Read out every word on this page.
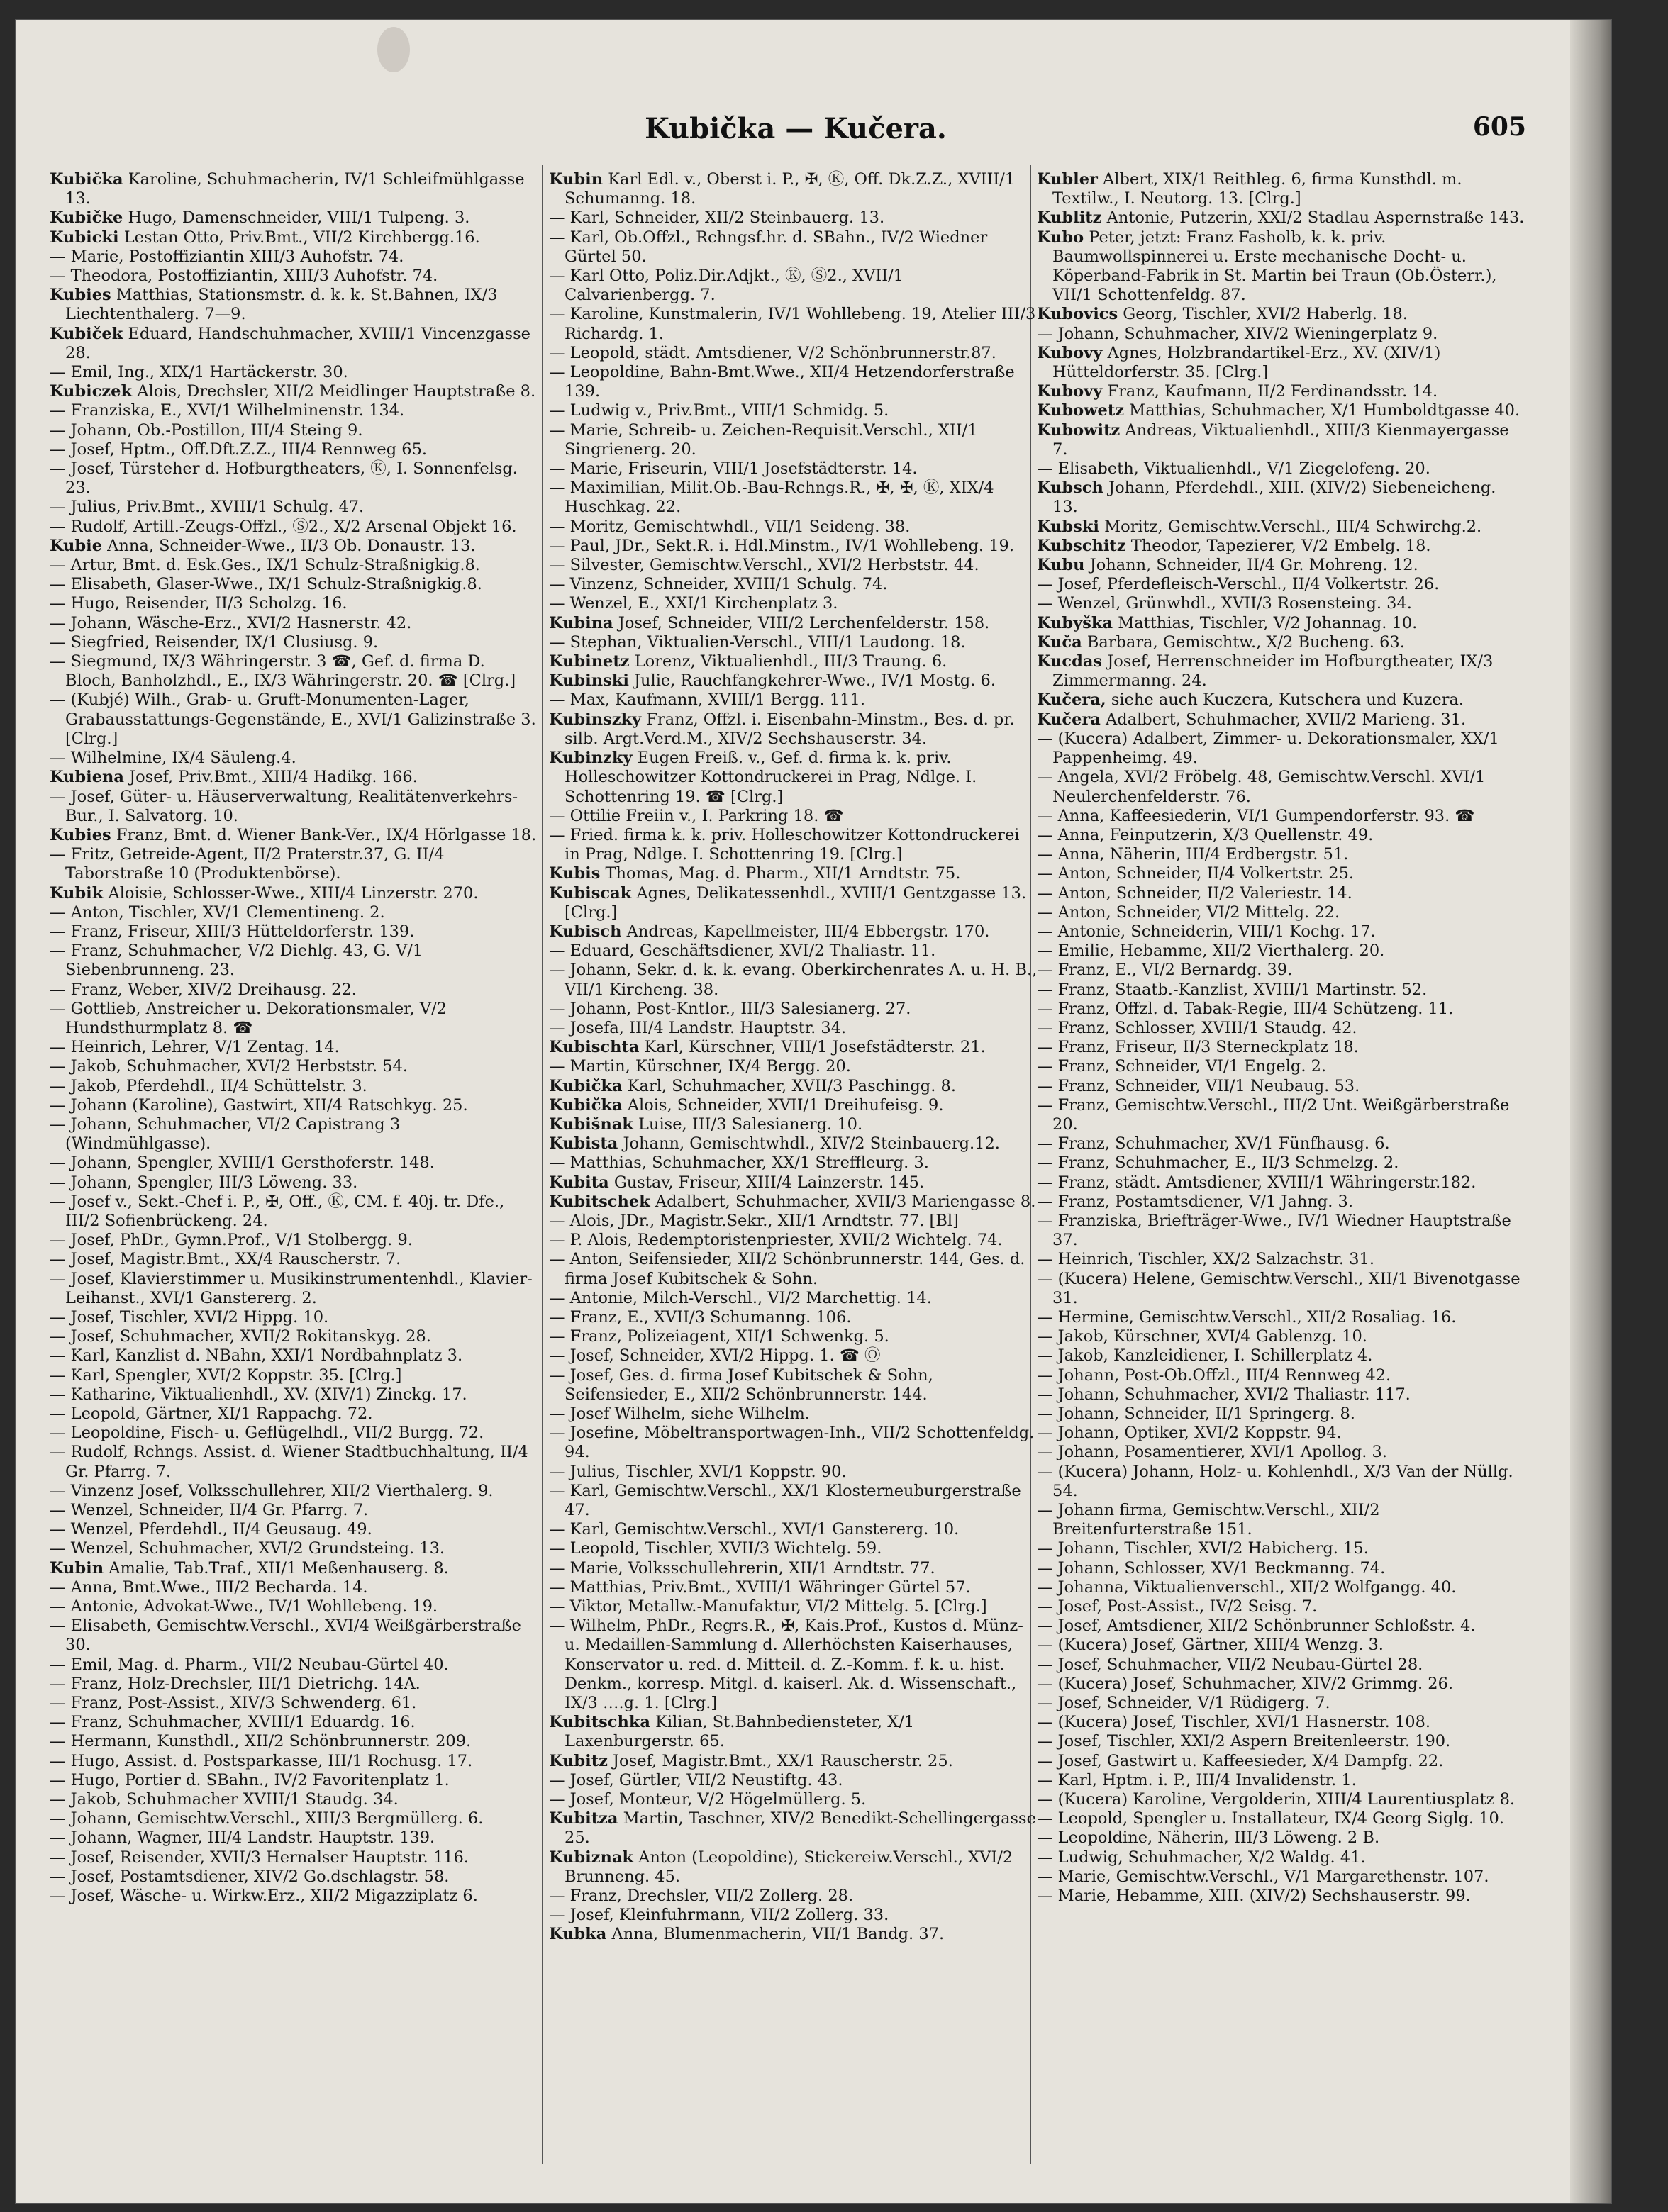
Kubička — Kučera.	605

Kubička Karoline, Schuhmacherin, IV/1 Schleifmühlgasse 13.

Kubičke Hugo, Damenschneider, VIII/1 Tulpeng. 3.

Kubicki Lestan Otto, Priv.Bmt., VII/2 Kirchbergg.16.

— Marie, Postoffiziantin XIII/3 Auhofstr. 74.

— Theodora, Postoffiziantin, XIII/3 Auhofstr. 74.

Kubies Matthias, Stationsmstr. d. k. k. St.Bahnen, IX/3 Liechtenthalerg. 7—9.

Kubiček Eduard, Handschuhmacher, XVIII/1 Vincenzgasse 28.

— Emil, Ing., XIX/1 Hartäckerstr. 30.

Kubiczek Alois, Drechsler, XII/2 Meidlinger Hauptstraße 8.

— Franziska, E., XVI/1 Wilhelminenstr. 134.

— Johann, Ob.-Postillon, III/4 Steing 9.

— Josef, Hptm., Off.Dft.Z.Z., III/4 Rennweg 65.

— Josef, Türsteher d. Hofburgtheaters, Ⓚ, I. Sonnenfelsg. 23.

— Julius, Priv.Bmt., XVIII/1 Schulg. 47.

— Rudolf, Artill.-Zeugs-Offzl., Ⓢ2., X/2 Arsenal Objekt 16.

Kubie Anna, Schneider-Wwe., II/3 Ob. Donaustr. 13.

— Artur, Bmt. d. Esk.Ges., IX/1 Schulz-Straßnigkig.8.

— Elisabeth, Glaser-Wwe., IX/1 Schulz-Straßnigkig.8.

— Hugo, Reisender, II/3 Scholzg. 16.

— Johann, Wäsche-Erz., XVI/2 Hasnerstr. 42.

— Siegfried, Reisender, IX/1 Clusiusg. 9.

— Siegmund, IX/3 Währingerstr. 3 ☎, Gef. d. ﬁrma D. Bloch, Banholzhdl., E., IX/3 Währingerstr. 20. ☎ [Clrg.]

— (Kubjé) Wilh., Grab- u. Gruft-Monumenten-Lager, Grabausstattungs-Gegenstände, E., XVI/1 Galizinstraße 3. [Clrg.]

— Wilhelmine, IX/4 Säuleng.4.

Kubiena Josef, Priv.Bmt., XIII/4 Hadikg. 166.

— Josef, Güter- u. Häuserverwaltung, Realitätenverkehrs-Bur., I. Salvatorg. 10.

Kubies Franz, Bmt. d. Wiener Bank-Ver., IX/4 Hörlgasse 18.

— Fritz, Getreide-Agent, II/2 Praterstr.37, G. II/4 Taborstraße 10 (Produktenbörse).

Kubik Aloisie, Schlosser-Wwe., XIII/4 Linzerstr. 270.

— Anton, Tischler, XV/1 Clementineng. 2.

— Franz, Friseur, XIII/3 Hütteldorferstr. 139.

— Franz, Schuhmacher, V/2 Diehlg. 43, G. V/1 Siebenbrunneng. 23.

— Franz, Weber, XIV/2 Dreihausg. 22.

— Gottlieb, Anstreicher u. Dekorationsmaler, V/2 Hundsthurmplatz 8. ☎

— Heinrich, Lehrer, V/1 Zentag. 14.

— Jakob, Schuhmacher, XVI/2 Herbststr. 54.

— Jakob, Pferdehdl., II/4 Schüttelstr. 3.

— Johann (Karoline), Gastwirt, XII/4 Ratschkyg. 25.

— Johann, Schuhmacher, VI/2 Capistrang 3 (Windmühlgasse).

— Johann, Spengler, XVIII/1 Gersthoferstr. 148.

— Johann, Spengler, III/3 Löweng. 33.

— Josef v., Sekt.-Chef i. P., ✠, Off., Ⓚ, CM. f. 40j. tr. Dfe., III/2 Sofienbrückeng. 24.

— Josef, PhDr., Gymn.Prof., V/1 Stolbergg. 9.

— Josef, Magistr.Bmt., XX/4 Rauscherstr. 7.

— Josef, Klavierstimmer u. Musikinstrumentenhdl., Klavier-Leihanst., XVI/1 Ganstererg. 2.

— Josef, Tischler, XVI/2 Hippg. 10.

— Josef, Schuhmacher, XVII/2 Rokitanskyg. 28.

— Karl, Kanzlist d. NBahn, XXI/1 Nordbahnplatz 3.

— Karl, Spengler, XVI/2 Koppstr. 35. [Clrg.]

— Katharine, Viktualienhdl., XV. (XIV/1) Zinckg. 17.

— Leopold, Gärtner, XI/1 Rappachg. 72.

— Leopoldine, Fisch- u. Geflügelhdl., VII/2 Burgg. 72.

— Rudolf, Rchngs. Assist. d. Wiener Stadtbuchhaltung, II/4 Gr. Pfarrg. 7.

— Vinzenz Josef, Volksschullehrer, XII/2 Vierthalerg. 9.

— Wenzel, Schneider, II/4 Gr. Pfarrg. 7.

— Wenzel, Pferdehdl., II/4 Geusaug. 49.

— Wenzel, Schuhmacher, XVI/2 Grundsteing. 13.

Kubin Amalie, Tab.Traf., XII/1 Meßenhauserg. 8.

— Anna, Bmt.Wwe., III/2 Becharda. 14.

— Antonie, Advokat-Wwe., IV/1 Wohllebeng. 19.

— Elisabeth, Gemischtw.Verschl., XVI/4 Weißgärberstraße 30.

— Emil, Mag. d. Pharm., VII/2 Neubau-Gürtel 40.

— Franz, Holz-Drechsler, III/1 Dietrichg. 14A.

— Franz, Post-Assist., XIV/3 Schwenderg. 61.

— Franz, Schuhmacher, XVIII/1 Eduardg. 16.

— Hermann, Kunsthdl., XII/2 Schönbrunnerstr. 209.

— Hugo, Assist. d. Postsparkasse, III/1 Rochusg. 17.

— Hugo, Portier d. SBahn., IV/2 Favoritenplatz 1.

— Jakob, Schuhmacher XVIII/1 Staudg. 34.

— Johann, Gemischtw.Verschl., XIII/3 Bergmüllerg. 6.

— Johann, Wagner, III/4 Landstr. Hauptstr. 139.

— Josef, Reisender, XVII/3 Hernalser Hauptstr. 116.

— Josef, Postamtsdiener, XIV/2 Go.dschlagstr. 58.

— Josef, Wäsche- u. Wirkw.Erz., XII/2 Migazziplatz 6.

Kubin Karl Edl. v., Oberst i. P., ✠, Ⓚ, Off. Dk.Z.Z., XVIII/1 Schumanng. 18.

— Karl, Schneider, XII/2 Steinbauerg. 13.

— Karl, Ob.Offzl., Rchngsf.hr. d. SBahn., IV/2 Wiedner Gürtel 50.

— Karl Otto, Poliz.Dir.Adjkt., Ⓚ, Ⓢ2., XVII/1 Calvarienbergg. 7.

— Karoline, Kunstmalerin, IV/1 Wohllebeng. 19, Atelier III/3 Richardg. 1.

— Leopold, städt. Amtsdiener, V/2 Schönbrunnerstr.87.

— Leopoldine, Bahn-Bmt.Wwe., XII/4 Hetzendorferstraße 139.

— Ludwig v., Priv.Bmt., VIII/1 Schmidg. 5.

— Marie, Schreib- u. Zeichen-Requisit.Verschl., XII/1 Singrienerg. 20.

— Marie, Friseurin, VIII/1 Josefstädterstr. 14.

— Maximilian, Milit.Ob.-Bau-Rchngs.R., ✠, ✠, Ⓚ, XIX/4 Huschkag. 22.

— Moritz, Gemischtwhdl., VII/1 Seideng. 38.

— Paul, JDr., Sekt.R. i. Hdl.Minstm., IV/1 Wohllebeng. 19.

— Silvester, Gemischtw.Verschl., XVI/2 Herbststr. 44.

— Vinzenz, Schneider, XVIII/1 Schulg. 74.

— Wenzel, E., XXI/1 Kirchenplatz 3.

Kubina Josef, Schneider, VIII/2 Lerchenfelderstr. 158.

— Stephan, Viktualien-Verschl., VIII/1 Laudong. 18.

Kubinetz Lorenz, Viktualienhdl., III/3 Traung. 6.

Kubinski Julie, Rauchfangkehrer-Wwe., IV/1 Mostg. 6.

— Max, Kaufmann, XVIII/1 Bergg. 111.

Kubinszky Franz, Offzl. i. Eisenbahn-Minstm., Bes. d. pr. silb. Argt.Verd.M., XIV/2 Sechshauserstr. 34.

Kubinzky Eugen Freiß. v., Gef. d. ﬁrma k. k. priv. Holleschowitzer Kottondruckerei in Prag, Ndlge. I. Schottenring 19. ☎ [Clrg.]

— Ottilie Freiin v., I. Parkring 18. ☎

— Fried. ﬁrma k. k. priv. Holleschowitzer Kottondruckerei in Prag, Ndlge. I. Schottenring 19. [Clrg.]

Kubis Thomas, Mag. d. Pharm., XII/1 Arndtstr. 75.

Kubiscak Agnes, Delikatessenhdl., XVIII/1 Gentzgasse 13. [Clrg.]

Kubisch Andreas, Kapellmeister, III/4 Ebbergstr. 170.

— Eduard, Geschäftsdiener, XVI/2 Thaliastr. 11.

— Johann, Sekr. d. k. k. evang. Oberkirchenrates A. u. H. B., VII/1 Kircheng. 38.

— Johann, Post-Kntlor., III/3 Salesianerg. 27.

— Josefa, III/4 Landstr. Hauptstr. 34.

Kubischta Karl, Kürschner, VIII/1 Josefstädterstr. 21.

— Martin, Kürschner, IX/4 Bergg. 20.

Kubička Karl, Schuhmacher, XVII/3 Paschingg. 8.

Kubička Alois, Schneider, XVII/1 Dreihufeisg. 9.

Kubišnak Luise, III/3 Salesianerg. 10.

Kubista Johann, Gemischtwhdl., XIV/2 Steinbauerg.12.

— Matthias, Schuhmacher, XX/1 Streffleurg. 3.

Kubita Gustav, Friseur, XIII/4 Lainzerstr. 145.

Kubitschek Adalbert, Schuhmacher, XVII/3 Mariengasse 8.

— Alois, JDr., Magistr.Sekr., XII/1 Arndtstr. 77. [Bl]

— P. Alois, Redemptoristenpriester, XVII/2 Wichtelg. 74.

— Anton, Seifensieder, XII/2 Schönbrunnerstr. 144, Ges. d. ﬁrma Josef Kubitschek & Sohn.

— Antonie, Milch-Verschl., VI/2 Marchettig. 14.

— Franz, E., XVII/3 Schumanng. 106.

— Franz, Polizeiagent, XII/1 Schwenkg. 5.

— Josef, Schneider, XVI/2 Hippg. 1. ☎ Ⓞ

— Josef, Ges. d. ﬁrma Josef Kubitschek & Sohn, Seifensieder, E., XII/2 Schönbrunnerstr. 144.

— Josef Wilhelm, siehe Wilhelm.

— Josefine, Möbeltransportwagen-Inh., VII/2 Schottenfeldg. 94.

— Julius, Tischler, XVI/1 Koppstr. 90.

— Karl, Gemischtw.Verschl., XX/1 Klosterneuburgerstraße 47.

— Karl, Gemischtw.Verschl., XVI/1 Ganstererg. 10.

— Leopold, Tischler, XVII/3 Wichtelg. 59.

— Marie, Volksschullehrerin, XII/1 Arndtstr. 77.

— Matthias, Priv.Bmt., XVIII/1 Währinger Gürtel 57.

— Viktor, Metallw.-Manufaktur, VI/2 Mittelg. 5. [Clrg.]

— Wilhelm, PhDr., Regrs.R., ✠, Kais.Prof., Kustos d. Münz- u. Medaillen-Sammlung d. Allerhöchsten Kaiserhauses, Konservator u. red. d. Mitteil. d. Z.-Komm. f. k. u. hist. Denkm., korresp. Mitgl. d. kaiserl. Ak. d. Wissenschaft., IX/3 ….g. 1. [Clrg.]

Kubitschka Kilian, St.Bahnbediensteter, X/1 Laxenburgerstr. 65.

Kubitz Josef, Magistr.Bmt., XX/1 Rauscherstr. 25.

— Josef, Gürtler, VII/2 Neustiftg. 43.

— Josef, Monteur, V/2 Högelmüllerg. 5.

Kubitza Martin, Taschner, XIV/2 Benedikt-Schellingergasse 25.

Kubiznak Anton (Leopoldine), Stickereiw.Verschl., XVI/2 Brunneng. 45.

— Franz, Drechsler, VII/2 Zollerg. 28.

— Josef, Kleinfuhrmann, VII/2 Zollerg. 33.

Kubka Anna, Blumenmacherin, VII/1 Bandg. 37.

Kubler Albert, XIX/1 Reithleg. 6, ﬁrma Kunsthdl. m. Textilw., I. Neutorg. 13. [Clrg.]

Kublitz Antonie, Putzerin, XXI/2 Stadlau Aspernstraße 143.

Kubo Peter, jetzt: Franz Fasholb, k. k. priv. Baumwollspinnerei u. Erste mechanische Docht- u. Köperband-Fabrik in St. Martin bei Traun (Ob.Österr.), VII/1 Schottenfeldg. 87.

Kubovics Georg, Tischler, XVI/2 Haberlg. 18.

— Johann, Schuhmacher, XIV/2 Wieningerplatz 9.

Kubovy Agnes, Holzbrandartikel-Erz., XV. (XIV/1) Hütteldorferstr. 35. [Clrg.]

Kubovy Franz, Kaufmann, II/2 Ferdinandsstr. 14.

Kubowetz Matthias, Schuhmacher, X/1 Humboldtgasse 40.

Kubowitz Andreas, Viktualienhdl., XIII/3 Kienmayergasse 7.

— Elisabeth, Viktualienhdl., V/1 Ziegelofeng. 20.

Kubsch Johann, Pferdehdl., XIII. (XIV/2) Siebeneicheng. 13.

Kubski Moritz, Gemischtw.Verschl., III/4 Schwirchg.2.

Kubschitz Theodor, Tapezierer, V/2 Embelg. 18.

Kubu Johann, Schneider, II/4 Gr. Mohreng. 12.

— Josef, Pferdefleisch-Verschl., II/4 Volkertstr. 26.

— Wenzel, Grünwhdl., XVII/3 Rosensteing. 34.

Kubyška Matthias, Tischler, V/2 Johannag. 10.

Kuča Barbara, Gemischtw., X/2 Bucheng. 63.

Kucdas Josef, Herrenschneider im Hofburgtheater, IX/3 Zimmermanng. 24.

Kučera, siehe auch Kuczera, Kutschera und Kuzera.

Kučera Adalbert, Schuhmacher, XVII/2 Marieng. 31.

— (Kucera) Adalbert, Zimmer- u. Dekorationsmaler, XX/1 Pappenheimg. 49.

— Angela, XVI/2 Fröbelg. 48, Gemischtw.Verschl. XVI/1 Neulerchenfelderstr. 76.

— Anna, Kaffeesiederin, VI/1 Gumpendorferstr. 93. ☎

— Anna, Feinputzerin, X/3 Quellenstr. 49.

— Anna, Näherin, III/4 Erdbergstr. 51.

— Anton, Schneider, II/4 Volkertstr. 25.

— Anton, Schneider, II/2 Valeriestr. 14.

— Anton, Schneider, VI/2 Mittelg. 22.

— Antonie, Schneiderin, VIII/1 Kochg. 17.

— Emilie, Hebamme, XII/2 Vierthalerg. 20.

— Franz, E., VI/2 Bernardg. 39.

— Franz, Staatb.-Kanzlist, XVIII/1 Martinstr. 52.

— Franz, Offzl. d. Tabak-Regie, III/4 Schützeng. 11.

— Franz, Schlosser, XVIII/1 Staudg. 42.

— Franz, Friseur, II/3 Sterneckplatz 18.

— Franz, Schneider, VI/1 Engelg. 2.

— Franz, Schneider, VII/1 Neubaug. 53.

— Franz, Gemischtw.Verschl., III/2 Unt. Weißgärberstraße 20.

— Franz, Schuhmacher, XV/1 Fünfhausg. 6.

— Franz, Schuhmacher, E., II/3 Schmelzg. 2.

— Franz, städt. Amtsdiener, XVIII/1 Währingerstr.182.

— Franz, Postamtsdiener, V/1 Jahng. 3.

— Franziska, Briefträger-Wwe., IV/1 Wiedner Hauptstraße 37.

— Heinrich, Tischler, XX/2 Salzachstr. 31.

— (Kucera) Helene, Gemischtw.Verschl., XII/1 Bivenotgasse 31.

— Hermine, Gemischtw.Verschl., XII/2 Rosaliag. 16.

— Jakob, Kürschner, XVI/4 Gablenzg. 10.

— Jakob, Kanzleidiener, I. Schillerplatz 4.

— Johann, Post-Ob.Offzl., III/4 Rennweg 42.

— Johann, Schuhmacher, XVI/2 Thaliastr. 117.

— Johann, Schneider, II/1 Springerg. 8.

— Johann, Optiker, XVI/2 Koppstr. 94.

— Johann, Posamentierer, XVI/1 Apollog. 3.

— (Kucera) Johann, Holz- u. Kohlenhdl., X/3 Van der Nüllg. 54.

— Johann ﬁrma, Gemischtw.Verschl., XII/2 Breitenfurterstraße 151.

— Johann, Tischler, XVI/2 Habicherg. 15.

— Johann, Schlosser, XV/1 Beckmanng. 74.

— Johanna, Viktualienverschl., XII/2 Wolfgangg. 40.

— Josef, Post-Assist., IV/2 Seisg. 7.

— Josef, Amtsdiener, XII/2 Schönbrunner Schloßstr. 4.

— (Kucera) Josef, Gärtner, XIII/4 Wenzg. 3.

— Josef, Schuhmacher, VII/2 Neubau-Gürtel 28.

— (Kucera) Josef, Schuhmacher, XIV/2 Grimmg. 26.

— Josef, Schneider, V/1 Rüdigerg. 7.

— (Kucera) Josef, Tischler, XVI/1 Hasnerstr. 108.

— Josef, Tischler, XXI/2 Aspern Breitenleerstr. 190.

— Josef, Gastwirt u. Kaffeesieder, X/4 Dampfg. 22.

— Karl, Hptm. i. P., III/4 Invalidenstr. 1.

— (Kucera) Karoline, Vergolderin, XIII/4 Laurentiusplatz 8.

— Leopold, Spengler u. Installateur, IX/4 Georg Siglg. 10.

— Leopoldine, Näherin, III/3 Löweng. 2 B.

— Ludwig, Schuhmacher, X/2 Waldg. 41.

— Marie, Gemischtw.Verschl., V/1 Margarethenstr. 107.

— Marie, Hebamme, XIII. (XIV/2) Sechshauserstr. 99.
